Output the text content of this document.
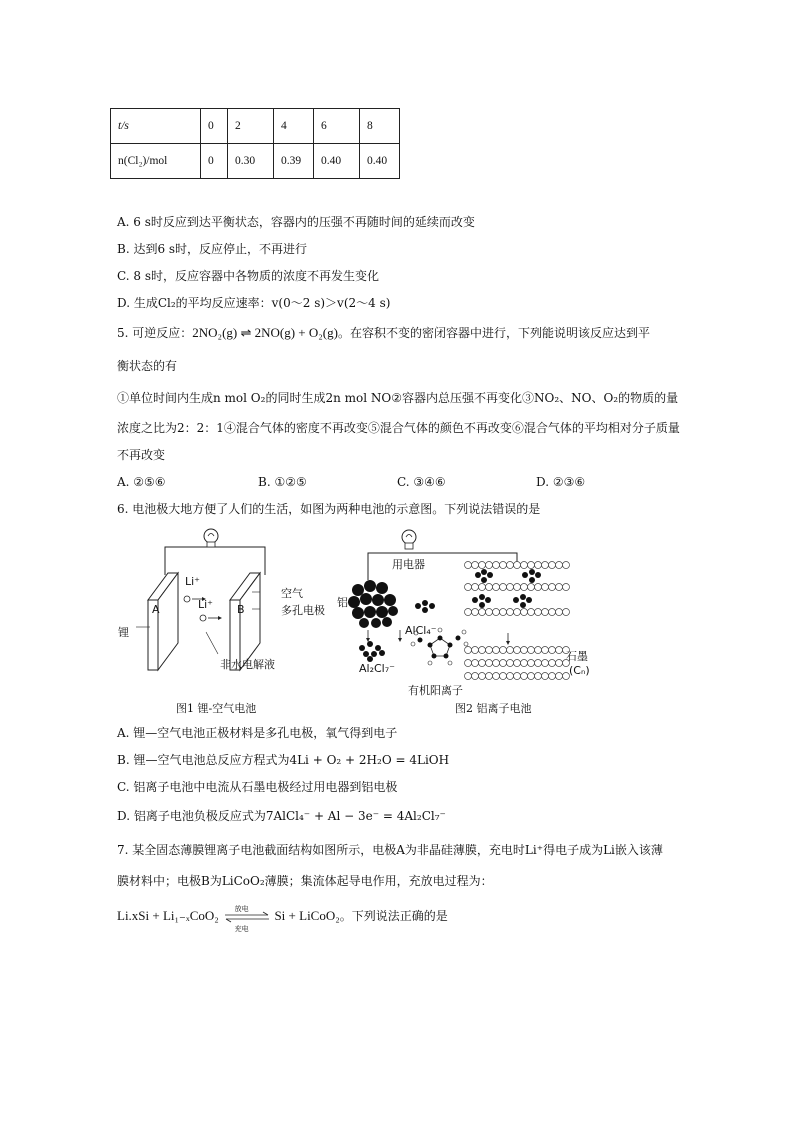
t/s	0	2	4	6	8
n(Cl₂)/mol	0	0.30	0.39	0.40	0.40
A. 6 s时反应到达平衡状态，容器内的压强不再随时间的延续而改变
B. 达到6 s时，反应停止，不再进行
C. 8 s时，反应容器中各物质的浓度不再发生变化
D. 生成Cl₂的平均反应速率：v(0～2 s)＞v(2～4 s)
5. 可逆反应：2NO₂(g) ⇌ 2NO(g) + O₂(g)。在容积不变的密闭容器中进行，下列能说明该反应达到平
衡状态的有
①单位时间内生成n mol O₂的同时生成2n mol NO②容器内总压强不再变化③NO₂、NO、O₂的物质的量
浓度之比为2：2：1④混合气体的密度不再改变⑤混合气体的颜色不再改变⑥混合气体的平均相对分子质量
不再改变
A. ②⑤⑥	B. ①②⑤	C. ③④⑥	D. ②③⑥
6. 电池极大地方便了人们的生活，如图为两种电池的示意图。下列说法错误的是
A	B
Li⁺
Li⁺
锂
空气
多孔电极
非水电解液
图1 锂-空气电池
用电器
铝
AlCl₄⁻
Al₂Cl₇⁻
有机阳离子
石墨
(Cₙ)
图2 铝离子电池
A. 锂—空气电池正极材料是多孔电极，氧气得到电子
B. 锂—空气电池总反应方程式为4Li + O₂ + 2H₂O = 4LiOH
C. 铝离子电池中电流从石墨电极经过用电器到铝电极
D. 铝离子电池负极反应式为7AlCl₄⁻ + Al − 3e⁻ = 4Al₂Cl₇⁻
7. 某全固态薄膜锂离子电池截面结构如图所示，电极A为非晶硅薄膜，充电时Li⁺得电子成为Li嵌入该薄
膜材料中；电极B为LiCoO₂薄膜；集流体起导电作用，充放电过程为：
Li.xSi + Li₁₋ₓCoO₂ 放电
充电
Si + LiCoO₂。下列说法正确的是
